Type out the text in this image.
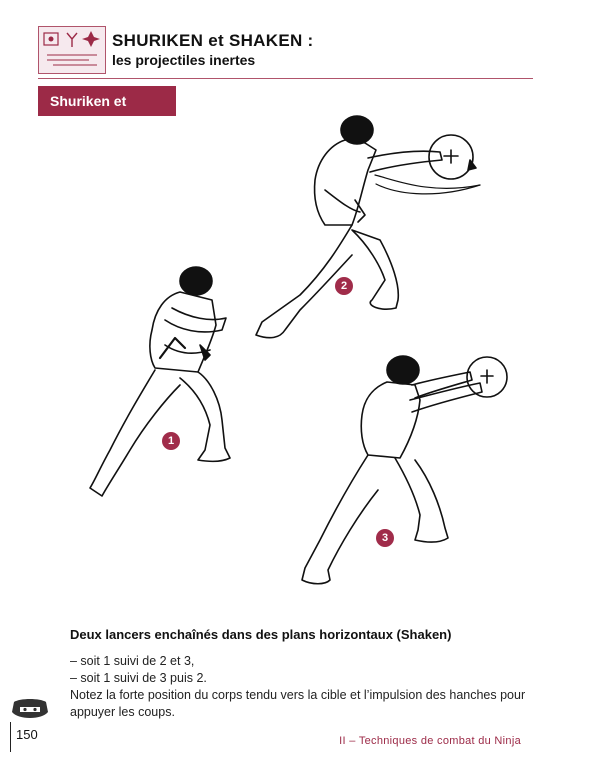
SHURIKEN et SHAKEN :
les projectiles inertes
Shuriken et Shaken 2
2
1
3
Deux lancers enchaînés dans des plans horizontaux (Shaken)
– soit 1 suivi de 2 et 3,
– soit 1 suivi de 3 puis 2.
Notez la forte position du corps tendu vers la cible et l’impulsion des hanches pour
appuyer les coups.
150	II – Techniques de combat du Ninja
